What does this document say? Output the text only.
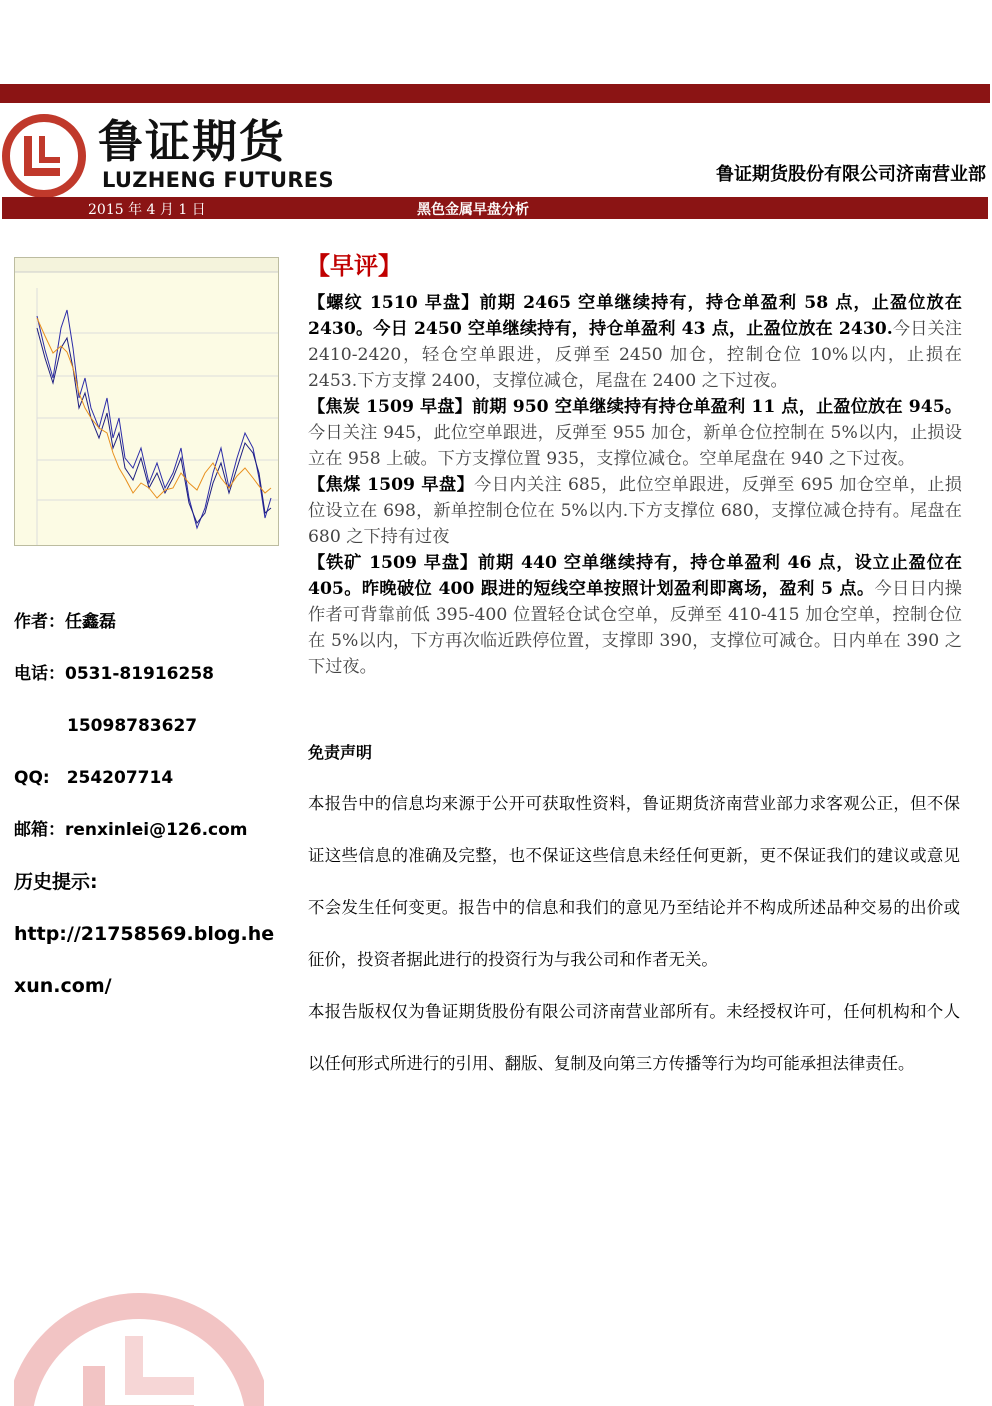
鲁证期货
LUZHENG FUTURES	鲁证期货股份有限公司济南营业部
2015 年 4 月 1 日	黑色金属早盘分析
作者：任鑫磊
电话：0531-81916258
15098783627
QQ:　254207714
邮箱：renxinlei@126.com
历史提示:
http://21758569.blog.hexun.com/
【早评】

【螺纹 1510 早盘】前期 2465 空单继续持有，持仓单盈利 58 点，止盈位放在 2430。今日 2450 空单继续持有，持仓单盈利 43 点，止盈位放在 2430.今日关注 2410-2420，轻仓空单跟进，反弹至 2450 加仓，控制仓位 10%以内，止损在 2453.下方支撑 2400，支撑位减仓，尾盘在 2400 之下过夜。

【焦炭 1509 早盘】前期 950 空单继续持有持仓单盈利 11 点，止盈位放在 945。今日关注 945，此位空单跟进，反弹至 955 加仓，新单仓位控制在 5%以内，止损设立在 958 上破。下方支撑位置 935，支撑位减仓。空单尾盘在 940 之下过夜。

【焦煤 1509 早盘】今日内关注 685，此位空单跟进，反弹至 695 加仓空单，止损位设立在 698，新单控制仓位在 5%以内.下方支撑位 680，支撑位减仓持有。尾盘在 680 之下持有过夜

【铁矿 1509 早盘】前期 440 空单继续持有，持仓单盈利 46 点，设立止盈位在 405。昨晚破位 400 跟进的短线空单按照计划盈利即离场，盈利 5 点。今日日内操作者可背靠前低 395-400 位置轻仓试仓空单，反弹至 410-415 加仓空单，控制仓位在 5%以内，下方再次临近跌停位置，支撑即 390，支撑位可减仓。日内单在 390 之下过夜。

免责声明

本报告中的信息均来源于公开可获取性资料，鲁证期货济南营业部力求客观公正，但不保证这些信息的准确及完整，也不保证这些信息未经任何更新，更不保证我们的建议或意见不会发生任何变更。报告中的信息和我们的意见乃至结论并不构成所述品种交易的出价或征价，投资者据此进行的投资行为与我公司和作者无关。

本报告版权仅为鲁证期货股份有限公司济南营业部所有。未经授权许可，任何机构和个人以任何形式所进行的引用、翻版、复制及向第三方传播等行为均可能承担法律责任。
